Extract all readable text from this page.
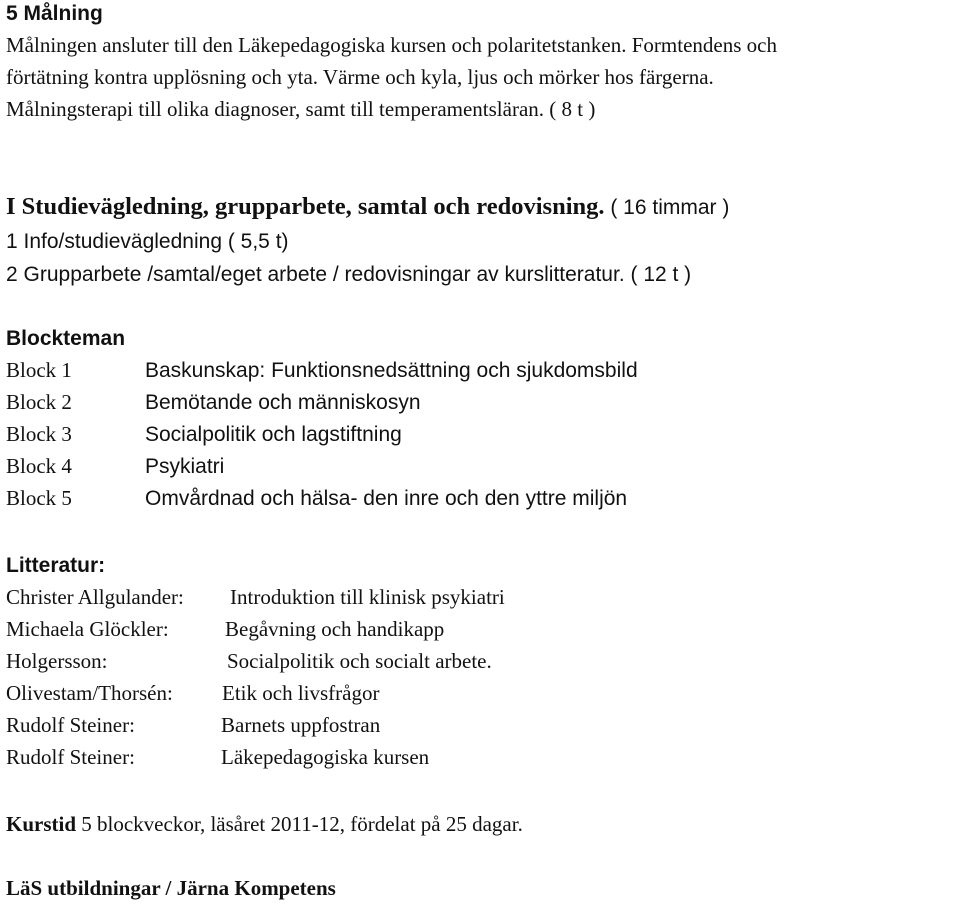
5 Målning
Målningen ansluter till den Läkepedagogiska kursen och polaritetstanken. Formtendens och
förtätning kontra upplösning och yta. Värme och kyla, ljus och mörker hos färgerna.
Målningsterapi till olika diagnoser, samt till temperamentsläran. ( 8 t )
I Studievägledning, grupparbete, samtal och redovisning. ( 16 timmar )
1 Info/studievägledning ( 5,5 t)
2 Grupparbete /samtal/eget arbete / redovisningar av kurslitteratur. ( 12 t )
Blockteman
Block 1	Baskunskap: Funktionsnedsättning och sjukdomsbild
Block 2	Bemötande och människosyn
Block 3	Socialpolitik och lagstiftning
Block 4	Psykiatri
Block 5	Omvårdnad och hälsa- den inre och den yttre miljön
Litteratur:
Christer Allgulander: Introduktion till klinisk psykiatri
Michaela Glöckler:	Begåvning och handikapp
Holgersson:	Socialpolitik och socialt arbete.
Olivestam/Thorsén: Etik och livsfrågor
Rudolf Steiner:	Barnets uppfostran
Rudolf Steiner:	Läkepedagogiska kursen
Kurstid 5 blockveckor, läsåret 2011-12, fördelat på 25 dagar.
LäS utbildningar / Järna Kompetens
